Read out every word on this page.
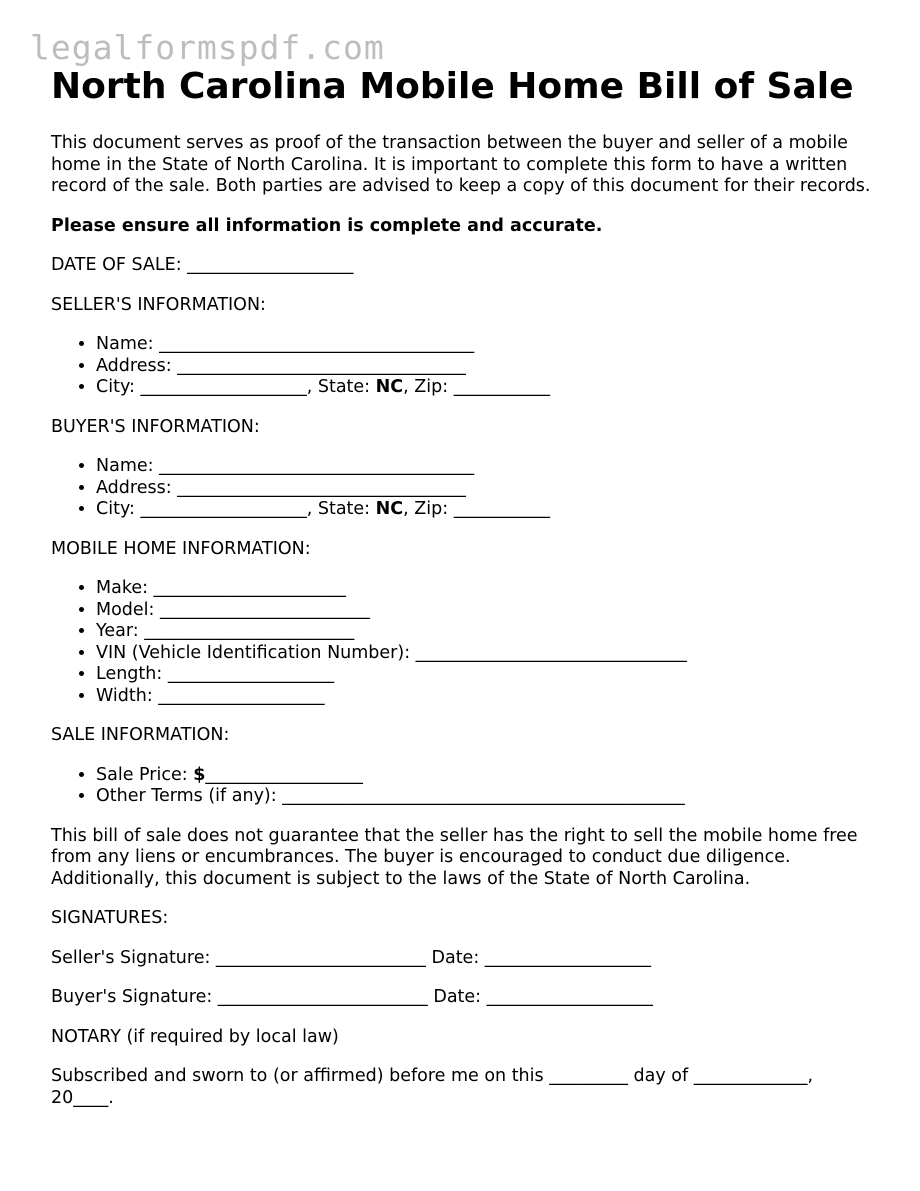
legalformspdf.com
North Carolina Mobile Home Bill of Sale

This document serves as proof of the transaction between the buyer and seller of a mobile home in the State of North Carolina. It is important to complete this form to have a written record of the sale. Both parties are advised to keep a copy of this document for their records.

Please ensure all information is complete and accurate.

DATE OF SALE: ___________________

SELLER'S INFORMATION:

• Name: ____________________________________
• Address: _________________________________
• City: ___________________, State: NC, Zip: ___________

BUYER'S INFORMATION:

• Name: ____________________________________
• Address: _________________________________
• City: ___________________, State: NC, Zip: ___________

MOBILE HOME INFORMATION:

• Make: ______________________
• Model: ________________________
• Year: ________________________
• VIN (Vehicle Identification Number): _______________________________
• Length: ___________________
• Width: ___________________

SALE INFORMATION:

• Sale Price: $__________________
• Other Terms (if any): ______________________________________________

This bill of sale does not guarantee that the seller has the right to sell the mobile home free from any liens or encumbrances. The buyer is encouraged to conduct due diligence. Additionally, this document is subject to the laws of the State of North Carolina.

SIGNATURES:

Seller's Signature: ________________________ Date: ___________________

Buyer's Signature: ________________________ Date: ___________________

NOTARY (if required by local law)

Subscribed and sworn to (or affirmed) before me on this _________ day of _____________, 20____.
